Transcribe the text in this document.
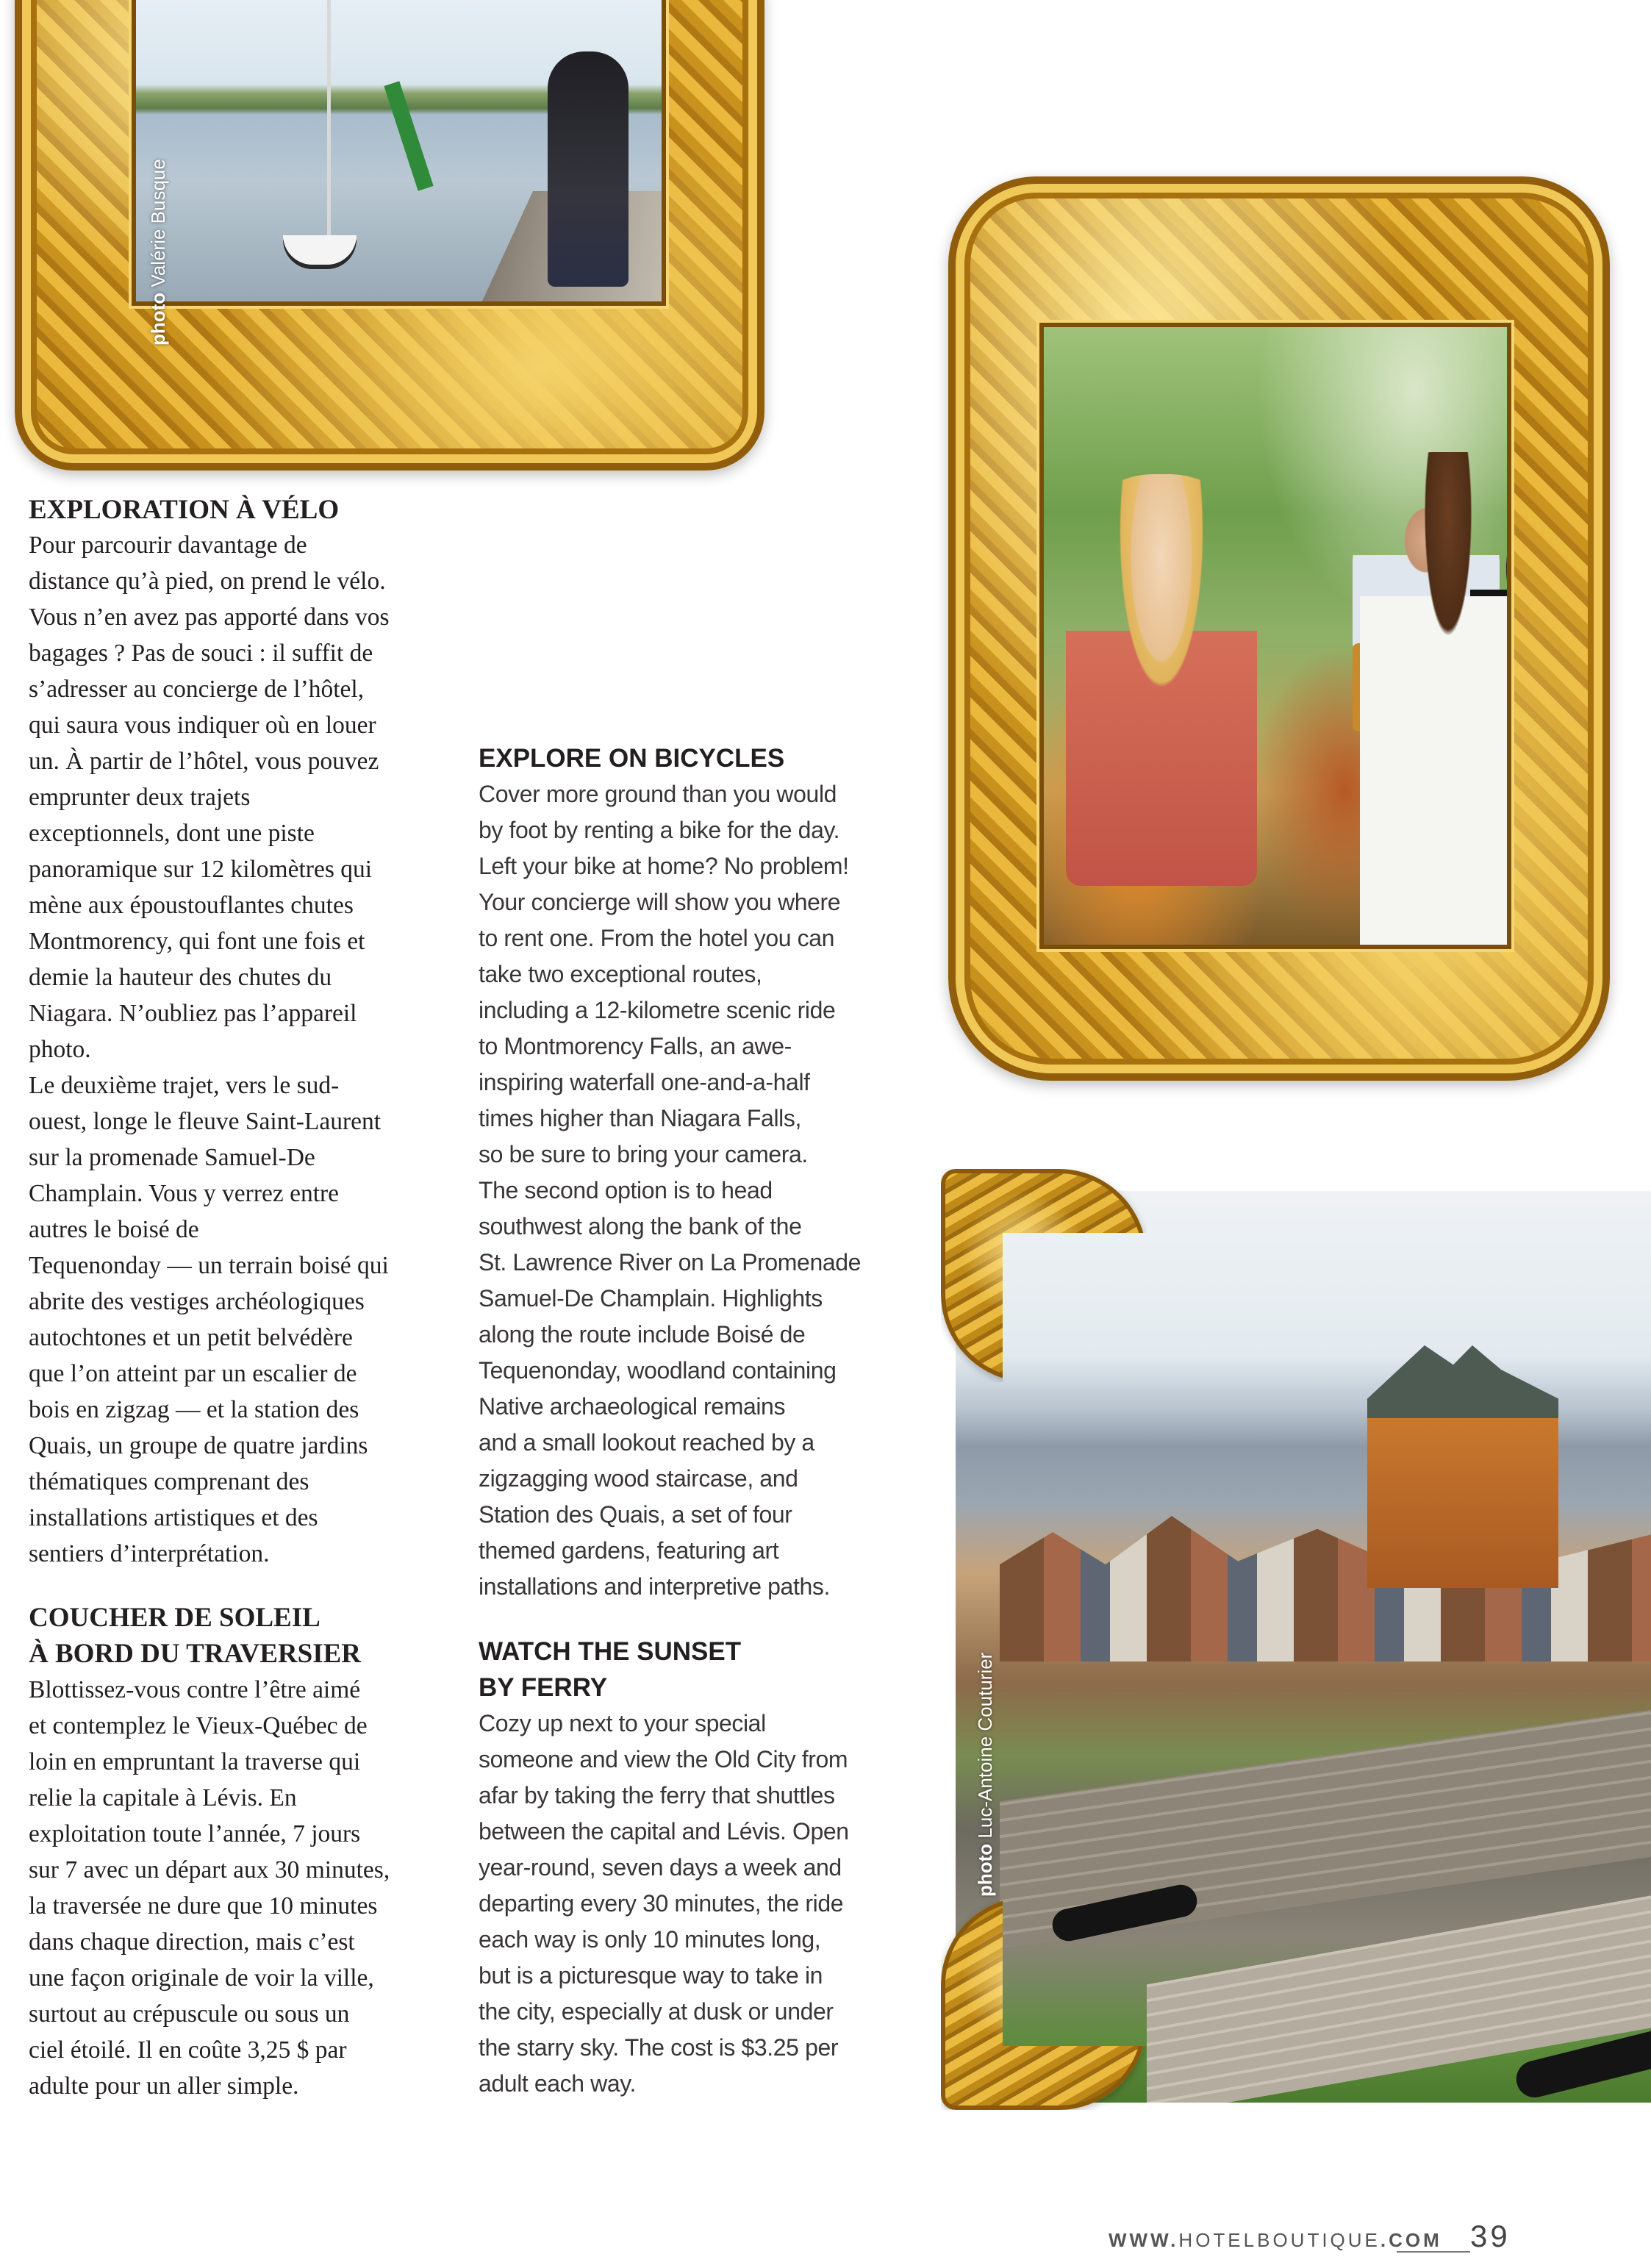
photo Valérie Busque
photo Luc-Antoine Couturier
EXPLORATION À VÉLO

Pour parcourir davantage de
distance qu’à pied, on prend le vélo.
Vous n’en avez pas apporté dans vos
bagages ? Pas de souci : il suffit de
s’adresser au concierge de l’hôtel,
qui saura vous indiquer où en louer
un. À partir de l’hôtel, vous pouvez
emprunter deux trajets
exceptionnels, dont une piste
panoramique sur 12 kilomètres qui
mène aux époustouflantes chutes
Montmorency, qui font une fois et
demie la hauteur des chutes du
Niagara. N’oubliez pas l’appareil
photo.
Le deuxième trajet, vers le sud-
ouest, longe le fleuve Saint-Laurent
sur la promenade Samuel-De
Champlain. Vous y verrez entre
autres le boisé de
Tequenonday — un terrain boisé qui
abrite des vestiges archéologiques
autochtones et un petit belvédère
que l’on atteint par un escalier de
bois en zigzag — et la station des
Quais, un groupe de quatre jardins
thématiques comprenant des
installations artistiques et des
sentiers d’interprétation.

COUCHER DE SOLEIL
À BORD DU TRAVERSIER

Blottissez-vous contre l’être aimé
et contemplez le Vieux-Québec de
loin en empruntant la traverse qui
relie la capitale à Lévis. En
exploitation toute l’année, 7 jours
sur 7 avec un départ aux 30 minutes,
la traversée ne dure que 10 minutes
dans chaque direction, mais c’est
une façon originale de voir la ville,
surtout au crépuscule ou sous un
ciel étoilé. Il en coûte 3,25 $ par
adulte pour un aller simple.

EXPLORE ON BICYCLES

Cover more ground than you would
by foot by renting a bike for the day.
Left your bike at home? No problem!
Your concierge will show you where
to rent one. From the hotel you can
take two exceptional routes,
including a 12-kilometre scenic ride
to Montmorency Falls, an awe-
inspiring waterfall one-and-a-half
times higher than Niagara Falls,
so be sure to bring your camera.
The second option is to head
southwest along the bank of the
St. Lawrence River on La Promenade
Samuel-De Champlain. Highlights
along the route include Boisé de
Tequenonday, woodland containing
Native archaeological remains
and a small lookout reached by a
zigzagging wood staircase, and
Station des Quais, a set of four
themed gardens, featuring art
installations and interpretive paths.

WATCH THE SUNSET
BY FERRY

Cozy up next to your special
someone and view the Old City from
afar by taking the ferry that shuttles
between the capital and Lévis. Open
year-round, seven days a week and
departing every 30 minutes, the ride
each way is only 10 minutes long,
but is a picturesque way to take in
the city, especially at dusk or under
the starry sky. The cost is $3.25 per
adult each way.

WWW.HOTELBOUTIQUE.COM 39
